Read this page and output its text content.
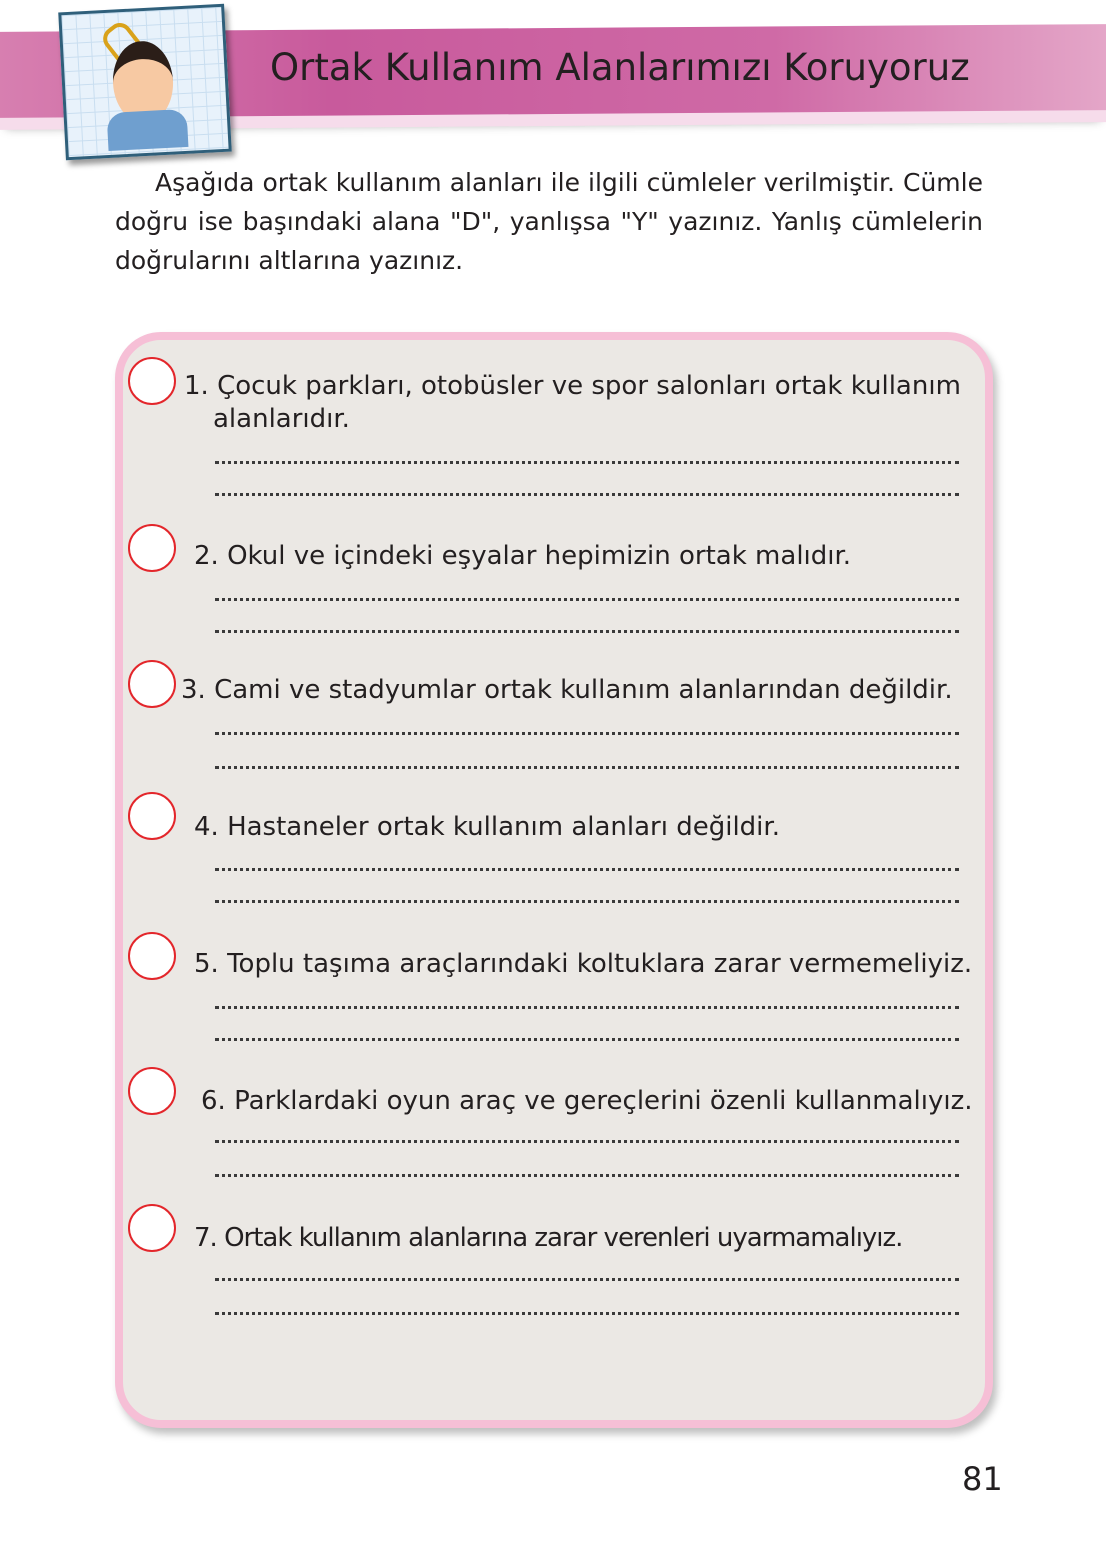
Ortak Kullanım Alanlarımızı Koruyoruz
Aşağıda ortak kullanım alanları ile ilgili cümleler verilmiştir. Cümle doğru ise başındaki alana "D", yanlışsa "Y" yazınız. Yanlış cümlelerin doğrularını altlarına yazınız.
1. Çocuk parkları, otobüsler ve spor salonları ortak kullanım
alanlarıdır.
2. Okul ve içindeki eşyalar hepimizin ortak malıdır.
3. Cami ve stadyumlar ortak kullanım alanlarından değildir.
4. Hastaneler ortak kullanım alanları değildir.
5. Toplu taşıma araçlarındaki koltuklara zarar vermemeliyiz.
6. Parklardaki oyun araç ve gereçlerini özenli kullanmalıyız.
7. Ortak kullanım alanlarına zarar verenleri uyarmamalıyız.
81
